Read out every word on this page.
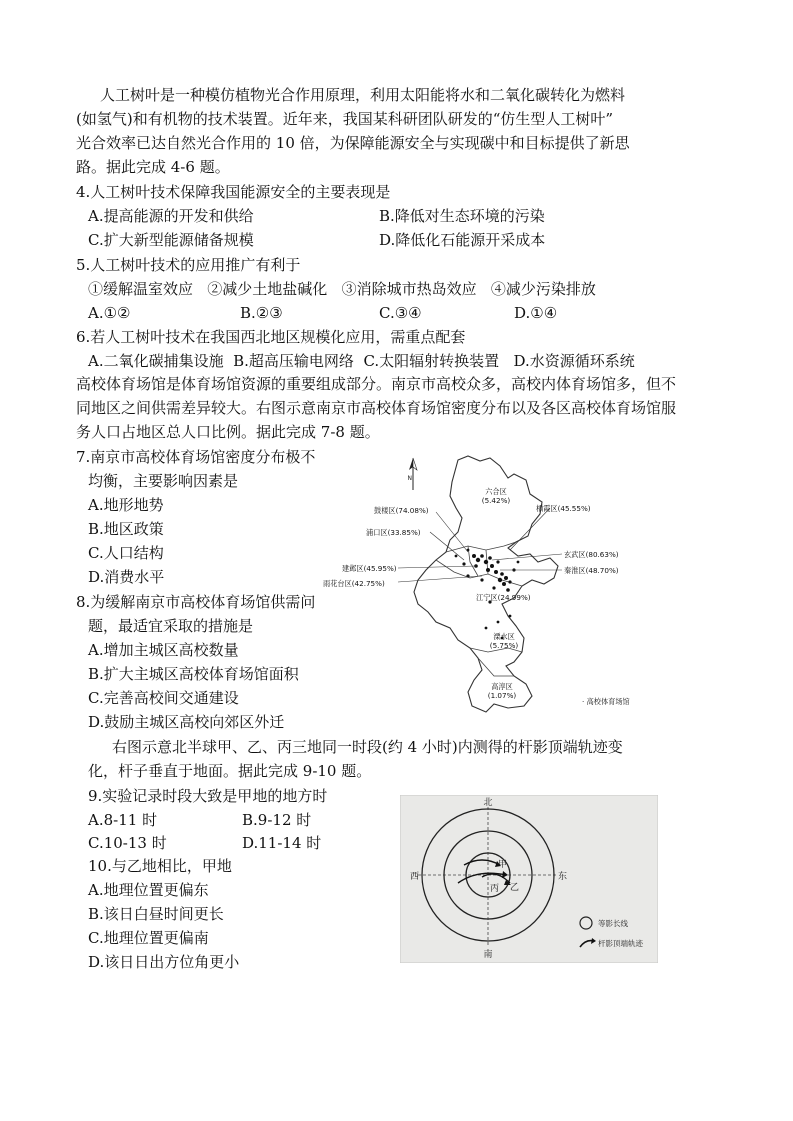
人工树叶是一种模仿植物光合作用原理，利用太阳能将水和二氧化碳转化为燃料
(如氢气)和有机物的技术装置。近年来，我国某科研团队研发的“仿生型人工树叶”
光合效率已达自然光合作用的 10 倍，为保障能源安全与实现碳中和目标提供了新思
路。据此完成 4-6 题。
4.人工树叶技术保障我国能源安全的主要表现是
A.提高能源的开发和供给	B.降低对生态环境的污染
C.扩大新型能源储备规模	D.降低化石能源开采成本
5.人工树叶技术的应用推广有利于
①缓解温室效应   ②减少土地盐碱化   ③消除城市热岛效应   ④减少污染排放
A.①②	B.②③	C.③④	D.①④
6.若人工树叶技术在我国西北地区规模化应用，需重点配套
A.二氧化碳捕集设施  B.超高压输电网络  C.太阳辐射转换装置   D.水资源循环系统
高校体育场馆是体育场馆资源的重要组成部分。南京市高校众多，高校内体育场馆多，但不
同地区之间供需差异较大。右图示意南京市高校体育场馆密度分布以及各区高校体育场馆服
务人口占地区总人口比例。据此完成 7-8 题。
7.南京市高校体育场馆密度分布极不
均衡，主要影响因素是
A.地形地势
B.地区政策
C.人口结构
D.消费水平
8.为缓解南京市高校体育场馆供需问
题，最适宜采取的措施是
A.增加主城区高校数量
B.扩大主城区高校体育场馆面积
C.完善高校间交通建设
D.鼓励主城区高校向郊区外迁
N
六合区
(5.42%)
鼓楼区(74.08%)	栖霞区(45.55%)
浦口区(33.85%)
玄武区(80.63%)
秦淮区(48.70%)
建邺区(45.95%)
雨花台区(42.75%)
江宁区(24.99%)
溧水区
(5.75%)
高淳区
(1.07%)
· 高校体育场馆
右图示意北半球甲、乙、丙三地同一时段(约 4 小时)内测得的杆影顶端轨迹变
化，杆子垂直于地面。据此完成 9-10 题。
9.实验记录时段大致是甲地的地方时
A.8-11 时	B.9-12 时
C.10-13 时	D.11-14 时
10.与乙地相比，甲地
A.地理位置更偏东
B.该日白昼时间更长
C.地理位置更偏南
D.该日日出方位角更小
北
南
西	东
甲
乙
丙
等影长线
杆影顶端轨迹
